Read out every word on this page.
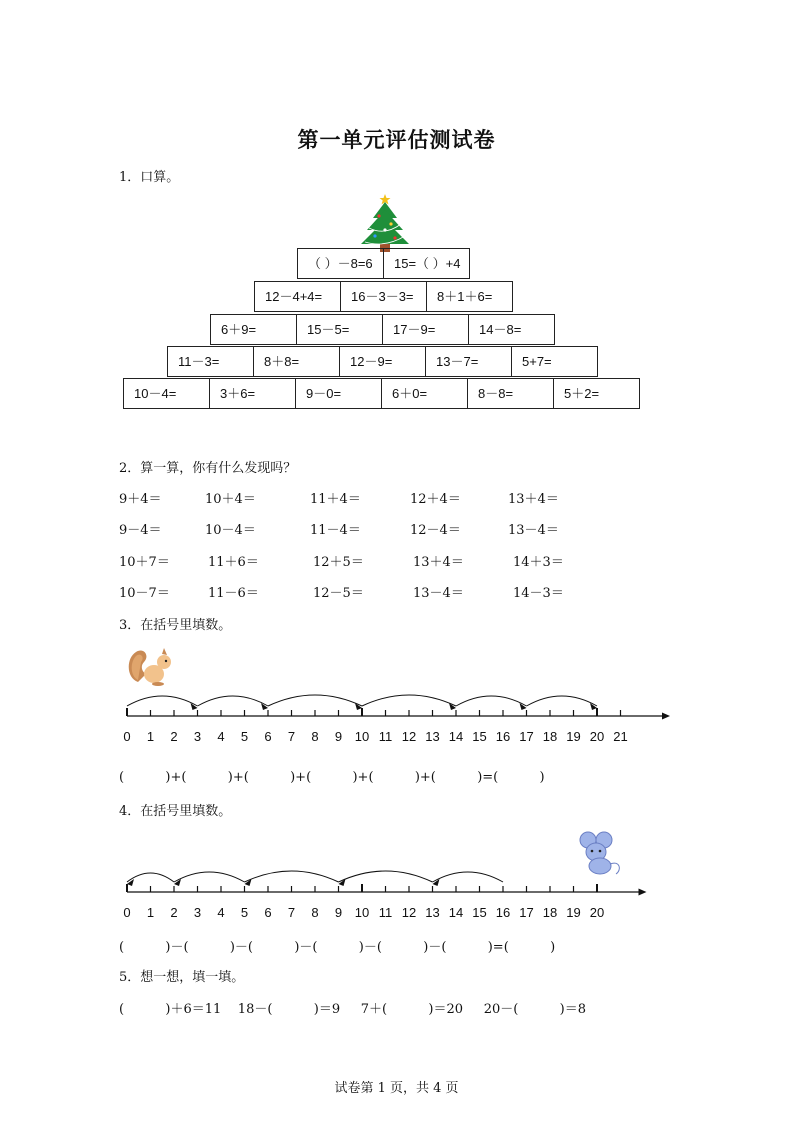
第一单元评估测试卷
1．口算。
（ ）－8=6	15=（ ）+4
12－4+4=	16－3－3=	8＋1＋6=
6＋9=	15－5=	17－9=	14－8=
11－3=	8＋8=	12－9=	13－7=	5+7=
10－4=	3＋6=	9－0=	6＋0=	8－8=	5＋2=
2．算一算，你有什么发现吗？
9＋4＝	10＋4＝	11＋4＝	12＋4＝	13＋4＝
9－4＝	10－4＝	11－4＝	12－4＝	13－4＝
10＋7＝	11＋6＝	12＋5＝	13＋4＝	14＋3＝
10－7＝	11－6＝	12－5＝	13－4＝	14－3＝
3．在括号里填数。
0 1 2 3 4 5 6 7 8 9 10 11 12 13 14 15 16 17 18 19 20 21
(          )+(          )+(          )+(          )+(          )+(          )=(          )
4．在括号里填数。
0 1 2 3 4 5 6 7 8 9 10 11 12 13 14 15 16 17 18 19 20
(          )－(          )－(          )－(          )－(          )－(          )=(          )
5．想一想，填一填。
(          )＋6＝11    18－(          )＝9     7＋(          )＝20     20－(          )＝8
试卷第 1 页，共 4 页
